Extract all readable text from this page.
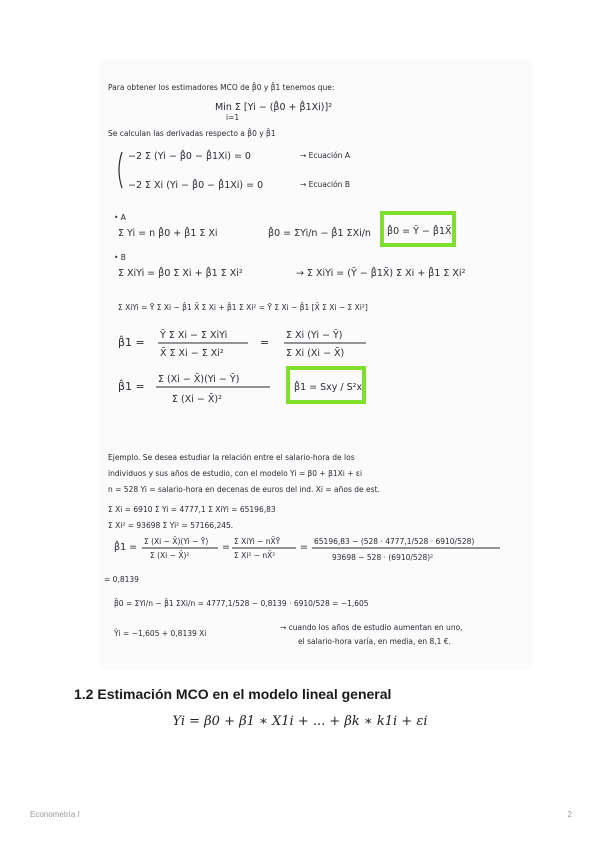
Para obtener los estimadores MCO de β̂0 y β̂1 tenemos que:
Min Σ [Yi − (β̂0 + β̂1Xi)]²
i=1
Se calculan las derivadas respecto a β̂0 y β̂1
−2 Σ (Yi − β̂0 − β̂1Xi) = 0	→ Ecuación A
−2 Σ Xi (Yi − β̂0 − β̂1Xi) = 0	→ Ecuación B
• A
Σ Yi = n β̂0 + β̂1 Σ Xi	β̂0 = ΣYi/n − β̂1 ΣXi/n β̂0 = Ȳ − β̂1X̄
• B
Σ XiYi = β̂0 Σ Xi + β̂1 Σ Xi²	→ Σ XiYi = (Ȳ − β̂1X̄) Σ Xi + β̂1 Σ Xi²
Σ XiYi = Ȳ Σ Xi − β̂1 X̄ Σ Xi + β̂1 Σ Xi² = Ȳ Σ Xi − β̂1 [X̄ Σ Xi − Σ Xi²]
β̂1 =
Ȳ Σ Xi − Σ XiYi
X̄ Σ Xi − Σ Xi²
=
Σ Xi (Yi − Ȳ)
Σ Xi (Xi − X̄)
β̂1 =
Σ (Xi − X̄)(Yi − Ȳ)
Σ (Xi − X̄)²
β̂1 = Sxy / S²x
Ejemplo. Se desea estudiar la relación entre el salario-hora de los
individuos y sus años de estudio, con el modelo Yi = β0 + β1Xi + εi
n = 528 Yi = salario-hora en decenas de euros del ind. Xi = años de est.
Σ Xi = 6910 Σ Yi = 4777,1 Σ XiYi = 65196,83
Σ Xi² = 93698 Σ Yi² = 57166,245.
β̂1 =
Σ (Xi − X̄)(Yi − Ȳ)
Σ (Xi − X̄)²
=
Σ XiYi − nX̄Ȳ
Σ Xi² − nX̄²
=
65196,83 − (528 · 4777,1/528 · 6910/528)
93698 − 528 · (6910/528)²
= 0,8139
β̂0 = ΣYi/n − β̂1 ΣXi/n = 4777,1/528 − 0,8139 · 6910/528 = −1,605
Ŷi = −1,605 + 0,8139 Xi
→ cuando los años de estudio aumentan en uno,
el salario-hora varía, en media, en 8,1 €.
1.2 Estimación MCO en el modelo lineal general
Yi = β0 + β1 ∗ X1i + ... + βk ∗ k1i + εi
Econometría I	2
